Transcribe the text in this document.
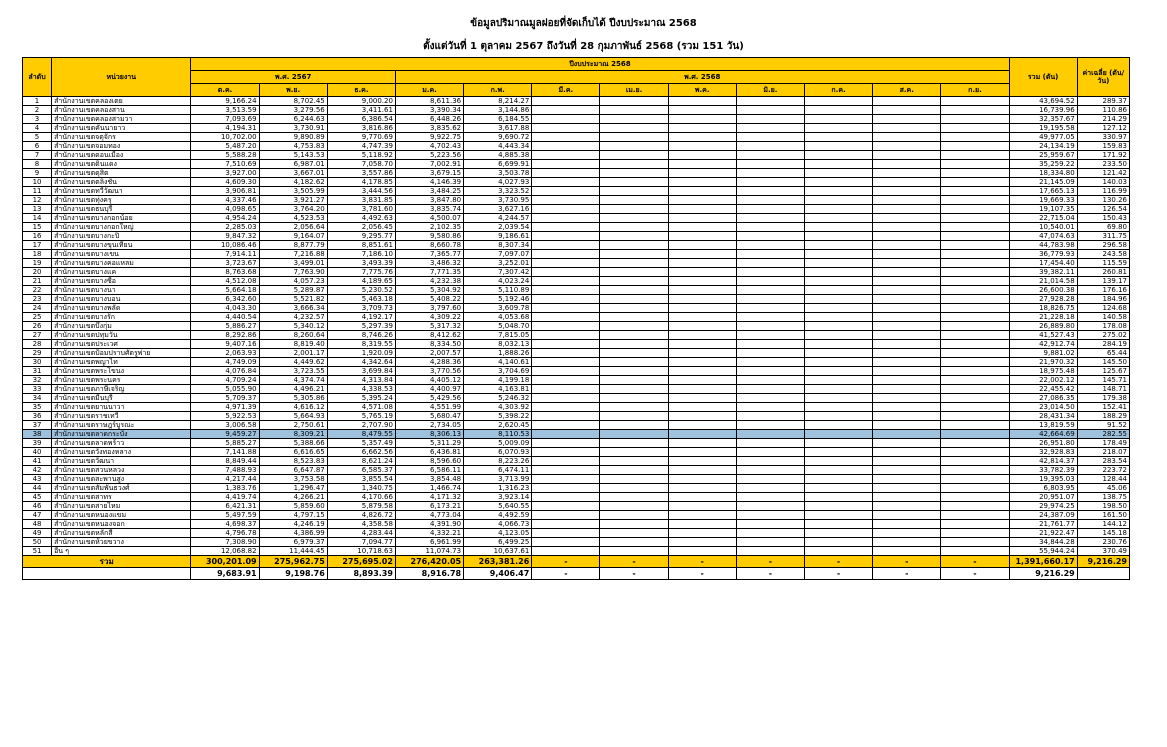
ข้อมูลปริมาณมูลฝอยที่จัดเก็บได้ ปีงบประมาณ 2568
ตั้งแต่วันที่ 1 ตุลาคม 2567 ถึงวันที่ 28 กุมภาพันธ์ 2568 (รวม 151 วัน)
ลำดับ	หน่วยงาน	ปีงบประมาณ 2568												รวม (ตัน)	ค่าเฉลี่ย (ตัน/วัน)
		พ.ศ. 2567			พ.ศ. 2568										
		ต.ค.	พ.ย.	ธ.ค.	ม.ค.	ก.พ.	มี.ค.	เม.ย.	พ.ค.	มิ.ย.	ก.ค.	ส.ค.	ก.ย.		
1	สำนักงานเขตคลองเตย	9,166.24	8,702.45	9,000.20	8,611.36	8,214.27								43,694.52	289.37
2	สำนักงานเขตคลองสาน	3,513.59	3,279.56	3,411.61	3,390.34	3,144.86								16,739.96	110.86
3	สำนักงานเขตคลองสามวา	7,093.69	6,244.63	6,386.54	6,448.26	6,184.55								32,357.67	214.29
4	สำนักงานเขตคันนายาว	4,194.31	3,730.91	3,816.86	3,835.62	3,617.88								19,195.58	127.12
5	สำนักงานเขตจตุจักร	10,702.00	9,890.89	9,770.69	9,922.75	9,690.72								49,977.05	330.97
6	สำนักงานเขตจอมทอง	5,487.20	4,753.83	4,747.39	4,702.43	4,443.34								24,134.19	159.83
7	สำนักงานเขตดอนเมือง	5,588.28	5,143.53	5,118.92	5,223.56	4,885.38								25,959.67	171.92
8	สำนักงานเขตดินแดง	7,510.69	6,987.01	7,058.70	7,002.91	6,699.91								35,259.22	233.50
9	สำนักงานเขตดุสิต	3,927.00	3,667.01	3,557.86	3,679.15	3,503.78								18,334.80	121.42
10	สำนักงานเขตตลิ่งชัน	4,609.30	4,182.62	4,178.85	4,146.39	4,027.93								21,145.09	140.03
11	สำนักงานเขตทวีวัฒนา	3,906.81	3,505.99	3,444.56	3,484.25	3,323.52								17,665.13	116.99
12	สำนักงานเขตทุ่งครุ	4,337.46	3,921.27	3,831.85	3,847.80	3,730.95								19,669.33	130.26
13	สำนักงานเขตธนบุรี	4,098.65	3,764.20	3,781.60	3,835.74	3,627.16								19,107.35	126.54
14	สำนักงานเขตบางกอกน้อย	4,954.24	4,523.53	4,492.63	4,500.07	4,244.57								22,715.04	150.43
15	สำนักงานเขตบางกอกใหญ่	2,285.03	2,056.64	2,056.45	2,102.35	2,039.54								10,540.01	69.80
16	สำนักงานเขตบางกะปิ	9,847.32	9,164.07	9,295.77	9,580.86	9,186.61								47,074.63	311.75
17	สำนักงานเขตบางขุนเทียน	10,086.46	8,877.79	8,851.61	8,660.78	8,307.34								44,783.98	296.58
18	สำนักงานเขตบางเขน	7,914.11	7,216.88	7,186.10	7,365.77	7,097.07								36,779.93	243.58
19	สำนักงานเขตบางคอแหลม	3,723.67	3,499.01	3,493.39	3,486.32	3,252.01								17,454.40	115.59
20	สำนักงานเขตบางแค	8,763.68	7,763.90	7,775.76	7,771.35	7,307.42								39,382.11	260.81
21	สำนักงานเขตบางซื่อ	4,512.08	4,057.23	4,189.65	4,232.38	4,023.24								21,014.58	139.17
22	สำนักงานเขตบางนา	5,664.18	5,289.87	5,230.52	5,304.92	5,110.89								26,600.38	176.16
23	สำนักงานเขตบางบอน	6,342.60	5,521.82	5,463.18	5,408.22	5,192.46								27,928.28	184.96
24	สำนักงานเขตบางพลัด	4,043.30	3,666.34	3,709.73	3,797.60	3,609.78								18,826.75	124.68
25	สำนักงานเขตบางรัก	4,440.54	4,232.57	4,192.17	4,309.22	4,053.68								21,228.18	140.58
26	สำนักงานเขตบึงกุ่ม	5,886.27	5,340.12	5,297.39	5,317.32	5,048.70								26,889.80	178.08
27	สำนักงานเขตปทุมวัน	8,292.86	8,260.64	8,746.26	8,412.62	7,815.05								41,527.43	275.02
28	สำนักงานเขตประเวศ	9,407.16	8,819.40	8,319.55	8,334.50	8,032.13								42,912.74	284.19
29	สำนักงานเขตป้อมปราบศัตรูพ่าย	2,063.93	2,001.17	1,920.09	2,007.57	1,888.26								9,881.02	65.44
30	สำนักงานเขตพญาไท	4,749.09	4,449.62	4,342.64	4,288.36	4,140.61								21,970.32	145.50
31	สำนักงานเขตพระโขนง	4,076.84	3,723.55	3,699.84	3,770.56	3,704.69								18,975.48	125.67
32	สำนักงานเขตพระนคร	4,709.24	4,374.74	4,313.84	4,405.12	4,199.18								22,002.12	145.71
33	สำนักงานเขตภาษีเจริญ	5,055.90	4,496.21	4,338.53	4,400.97	4,163.81								22,455.42	148.71
34	สำนักงานเขตมีนบุรี	5,709.37	5,305.86	5,395.24	5,429.56	5,246.32								27,086.35	179.38
35	สำนักงานเขตยานนาวา	4,971.39	4,616.12	4,571.08	4,551.99	4,303.92								23,014.50	152.41
36	สำนักงานเขตราชเทวี	5,922.53	5,664.93	5,765.19	5,680.47	5,398.22								28,431.34	188.29
37	สำนักงานเขตราษฎร์บูรณะ	3,006.58	2,750.61	2,707.90	2,734.05	2,620.45								13,819.59	91.52
38	สำนักงานเขตลาดกระบัง	9,459.27	8,309.21	8,479.55	8,306.13	8,110.53								42,664.69	282.55
39	สำนักงานเขตลาดพร้าว	5,885.27	5,388.66	5,357.49	5,311.29	5,009.09								26,951.80	178.49
40	สำนักงานเขตวังทองหลาง	7,141.88	6,616.65	6,662.56	6,436.81	6,070.93								32,928.83	218.07
41	สำนักงานเขตวัฒนา	8,849.44	8,523.83	8,621.24	8,596.60	8,223.26								42,814.37	283.54
42	สำนักงานเขตสวนหลวง	7,488.93	6,647.87	6,585.37	6,586.11	6,474.11								33,782.39	223.72
43	สำนักงานเขตสะพานสูง	4,217.44	3,753.58	3,855.54	3,854.48	3,713.99								19,395.03	128.44
44	สำนักงานเขตสัมพันธวงศ์	1,383.76	1,296.47	1,340.75	1,466.74	1,316.23								6,803.95	45.06
45	สำนักงานเขตสาทร	4,419.74	4,266.21	4,170.66	4,171.32	3,923.14								20,951.07	138.75
46	สำนักงานเขตสายไหม	6,421.31	5,859.60	5,879.58	6,173.21	5,640.55								29,974.25	198.50
47	สำนักงานเขตหนองแขม	5,497.59	4,797.15	4,826.72	4,773.04	4,492.59								24,387.09	161.50
48	สำนักงานเขตหนองจอก	4,698.37	4,246.19	4,358.58	4,391.90	4,066.73								21,761.77	144.12
49	สำนักงานเขตหลักสี่	4,796.78	4,386.99	4,283.44	4,332.21	4,123.05								21,922.47	145.18
50	สำนักงานเขตห้วยขวาง	7,308.90	6,979.37	7,094.77	6,961.99	6,499.25								34,844.28	230.76
51	อื่น ๆ	12,068.82	11,444.45	10,718.63	11,074.73	10,637.61								55,944.24	370.49
รวม		300,201.09	275,962.75	275,695.02	276,420.05	263,381.26	-	-	-	-	-	-	-	1,391,660.17	9,216.29
		9,683.91	9,198.76	8,893.39	8,916.78	9,406.47	-	-	-	-	-	-	-	9,216.29	
